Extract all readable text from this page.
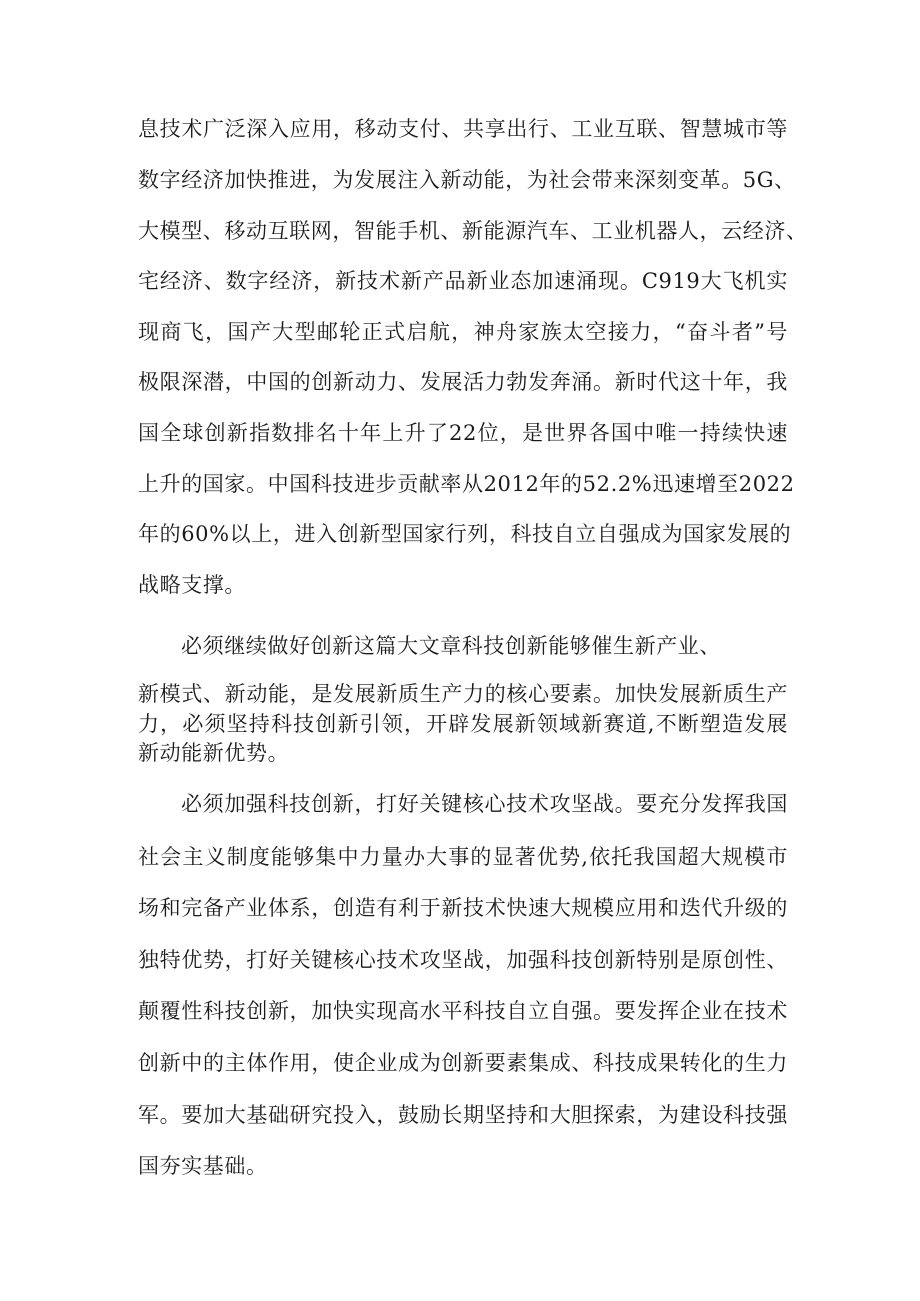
息技术广泛深入应用，移动支付、共享出行、工业互联、智慧城市等
数字经济加快推进，为发展注入新动能，为社会带来深刻变革。5G、
大模型、移动互联网，智能手机、新能源汽车、工业机器人，云经济、
宅经济、数字经济，新技术新产品新业态加速涌现。C919大飞机实
现商飞，国产大型邮轮正式启航，神舟家族太空接力，“奋斗者”号
极限深潜，中国的创新动力、发展活力勃发奔涌。新时代这十年，我
国全球创新指数排名十年上升了22位，是世界各国中唯一持续快速
上升的国家。中国科技进步贡献率从2012年的52.2%迅速增至2022
年的60%以上，进入创新型国家行列，科技自立自强成为国家发展的
战略支撑。
必须继续做好创新这篇大文章科技创新能够催生新产业、
新模式、新动能，是发展新质生产力的核心要素。加快发展新质生产
力，必须坚持科技创新引领，开辟发展新领域新赛道,不断塑造发展
新动能新优势。
必须加强科技创新，打好关键核心技术攻坚战。要充分发挥我国
社会主义制度能够集中力量办大事的显著优势,依托我国超大规模市
场和完备产业体系，创造有利于新技术快速大规模应用和迭代升级的
独特优势，打好关键核心技术攻坚战，加强科技创新特别是原创性、
颠覆性科技创新，加快实现高水平科技自立自强。要发挥企业在技术
创新中的主体作用，使企业成为创新要素集成、科技成果转化的生力
军。要加大基础研究投入，鼓励长期坚持和大胆探索，为建设科技强
国夯实基础。
